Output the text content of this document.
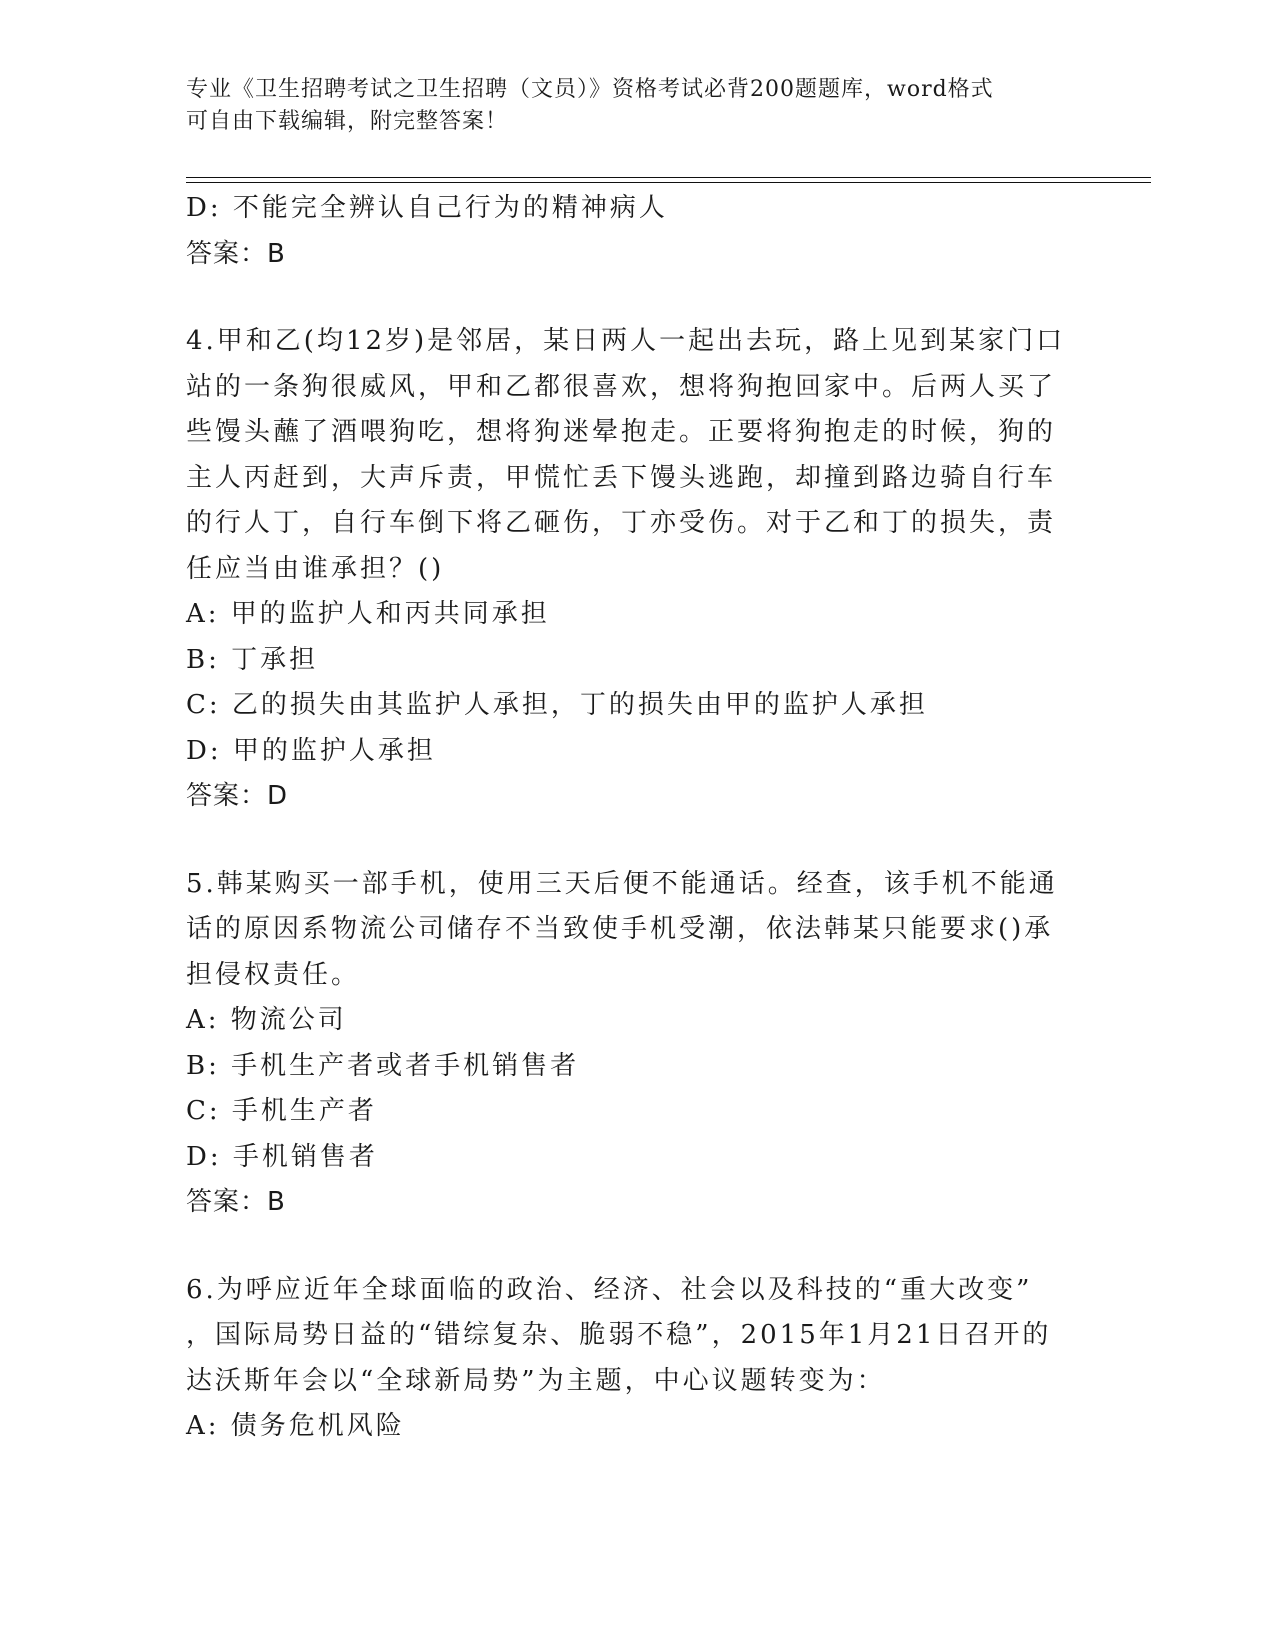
专业《卫生招聘考试之卫生招聘（文员）》资格考试必背200题题库，word格式
可自由下载编辑，附完整答案！
D: 不能完全辨认自己行为的精神病人
答案：B
4.甲和乙(均12岁)是邻居，某日两人一起出去玩，路上见到某家门口
站的一条狗很威风，甲和乙都很喜欢，想将狗抱回家中。后两人买了
些馒头蘸了酒喂狗吃，想将狗迷晕抱走。正要将狗抱走的时候，狗的
主人丙赶到，大声斥责，甲慌忙丢下馒头逃跑，却撞到路边骑自行车
的行人丁，自行车倒下将乙砸伤，丁亦受伤。对于乙和丁的损失，责
任应当由谁承担？()
A: 甲的监护人和丙共同承担
B: 丁承担
C: 乙的损失由其监护人承担，丁的损失由甲的监护人承担
D: 甲的监护人承担
答案：D
5.韩某购买一部手机，使用三天后便不能通话。经查，该手机不能通
话的原因系物流公司储存不当致使手机受潮，依法韩某只能要求()承
担侵权责任。
A: 物流公司
B: 手机生产者或者手机销售者
C: 手机生产者
D: 手机销售者
答案：B
6.为呼应近年全球面临的政治、经济、社会以及科技的“重大改变”
，国际局势日益的“错综复杂、脆弱不稳”，2015年1月21日召开的
达沃斯年会以“全球新局势”为主题，中心议题转变为：
A: 债务危机风险
